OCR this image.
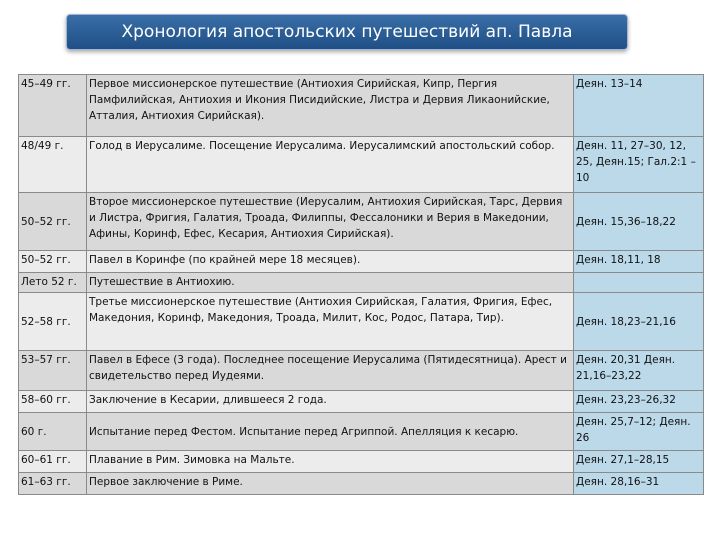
Хронология апостольских путешествий ап. Павла
45–49 гг.	Первое миссионерское путешествие (Антиохия Сирийская, Кипр, Пергия Памфилийская, Антиохия и Икония Писидийские, Листра и Дервия Ликаонийские, Атталия, Антиохия Сирийская).	Деян. 13–14
48/49 г.	Голод в Иерусалиме. Посещение Иерусалима. Иерусалимский апостольский собор.	Деян. 11, 27–30, 12, 25, Деян.15; Гал.2:1 –10
50–52 гг.	Второе миссионерское путешествие (Иерусалим, Антиохия Сирийская, Тарс, Дервия и Листра, Фригия, Галатия, Троада, Филиппы, Фессалоники и Верия в Македонии, Афины, Коринф, Ефес, Кесария, Антиохия Сирийская).	Деян. 15,36–18,22
50–52 гг.	Павел в Коринфе (по крайней мере 18 месяцев).	Деян. 18,11, 18
Лето 52 г.	Путешествие в Антиохию.	
52–58 гг.	Третье миссионерское путешествие (Антиохия Сирийская, Галатия, Фригия, Ефес, Македония, Коринф, Македония, Троада, Милит, Кос, Родос, Патара, Тир).	Деян. 18,23–21,16
53–57 гг.	Павел в Ефесе (3 года). Последнее посещение Иерусалима (Пятидесятница). Арест и свидетельство перед Иудеями.	Деян. 20,31 Деян. 21,16–23,22
58–60 гг.	Заключение в Кесарии, длившееся 2 года.	Деян. 23,23–26,32
60 г.	Испытание перед Фестом. Испытание перед Агриппой. Апелляция к кесарю.	Деян. 25,7–12; Деян. 26
60–61 гг.	Плавание в Рим. Зимовка на Мальте.	Деян. 27,1–28,15
61–63 гг.	Первое заключение в Риме.	Деян. 28,16–31
